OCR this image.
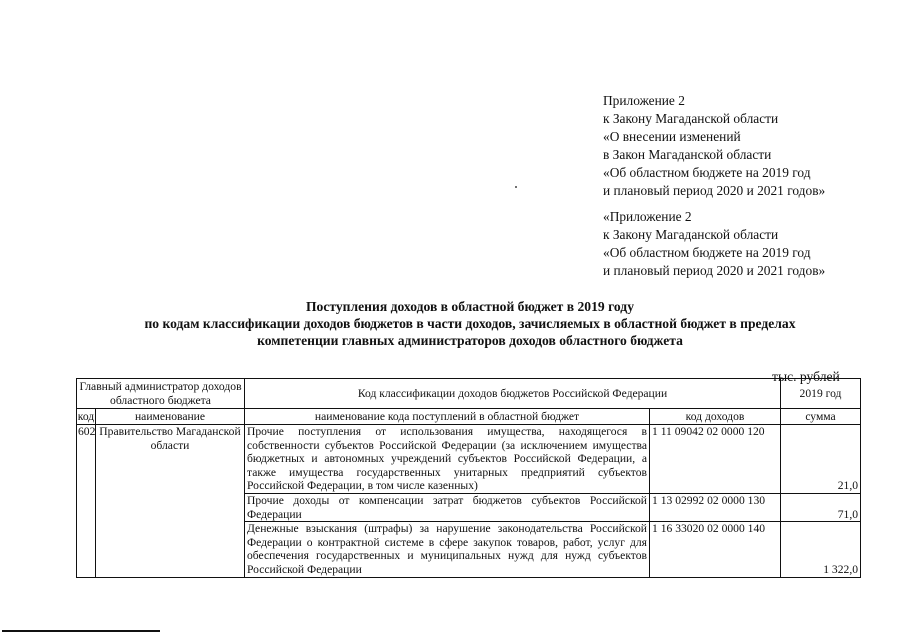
Приложение 2
к Закону Магаданской области
«О внесении изменений
в Закон Магаданской области
«Об областном бюджете на 2019 год
и плановый период 2020 и 2021 годов»
«Приложение 2
к Закону Магаданской области
«Об областном бюджете на 2019 год
и плановый период 2020 и 2021 годов»
Поступления доходов в областной бюджет в 2019 году
по кодам классификации доходов бюджетов в части доходов, зачисляемых в областной бюджет в пределах
компетенции главных администраторов доходов областного бюджета
тыс. рублей
Главный администратор доходов областного бюджета		Код классификации доходов бюджетов Российской Федерации		2019 год
код	наименование	наименование кода поступлений в областной бюджет	код доходов	сумма
602	Правительство Магаданской области	Прочие поступления от использования имущества, находящегося в собственности субъектов Российской Федерации (за исключением имущества бюджетных и автономных учреждений субъектов Российской Федерации, а также имущества государственных унитарных предприятий субъектов Российской Федерации, в том числе казенных)	1 11 09042 02 0000 120	21,0
		Прочие доходы от компенсации затрат бюджетов субъектов Российской Федерации	1 13 02992 02 0000 130	71,0
		Денежные взыскания (штрафы) за нарушение законодательства Российской Федерации о контрактной системе в сфере закупок товаров, работ, услуг для обеспечения государственных и муниципальных нужд для нужд субъектов Российской Федерации	1 16 33020 02 0000 140	1 322,0
